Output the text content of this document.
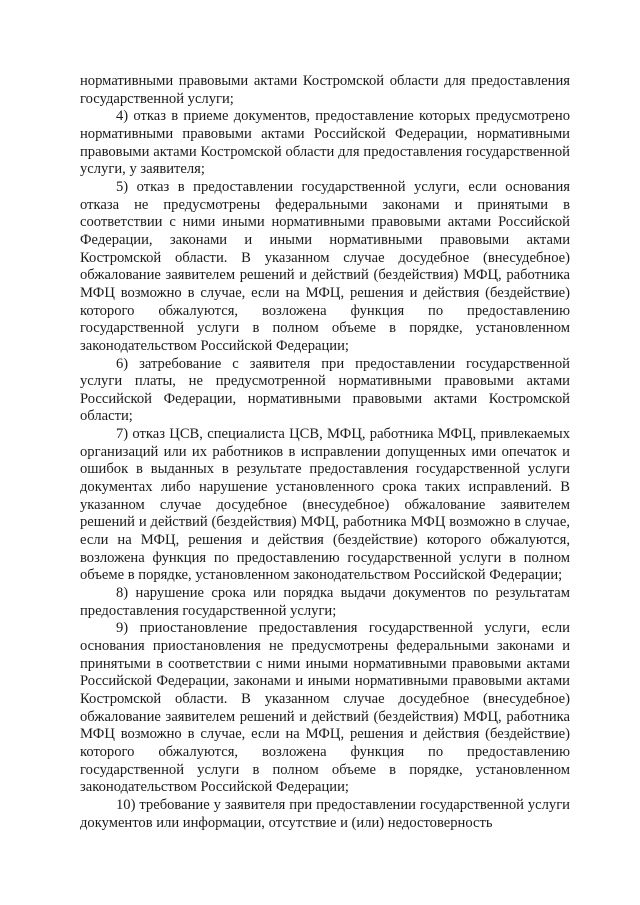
нормативными правовыми актами Костромской области для предоставления государственной услуги;

4) отказ в приеме документов, предоставление которых предусмотрено нормативными правовыми актами Российской Федерации, нормативными правовыми актами Костромской области для предоставления государственной услуги, у заявителя;

5) отказ в предоставлении государственной услуги, если основания отказа не предусмотрены федеральными законами и принятыми в соответствии с ними иными нормативными правовыми актами Российской Федерации, законами и иными нормативными правовыми актами Костромской области. В указанном случае досудебное (внесудебное) обжалование заявителем решений и действий (бездействия) МФЦ, работника МФЦ возможно в случае, если на МФЦ, решения и действия (бездействие) которого обжалуются, возложена функция по предоставлению государственной услуги в полном объеме в порядке, установленном законодательством Российской Федерации;

6) затребование с заявителя при предоставлении государственной услуги платы, не предусмотренной нормативными правовыми актами Российской Федерации, нормативными правовыми актами Костромской области;

7) отказ ЦСВ, специалиста ЦСВ, МФЦ, работника МФЦ, привлекаемых организаций или их работников в исправлении допущенных ими опечаток и ошибок в выданных в результате предоставления государственной услуги документах либо нарушение установленного срока таких исправлений. В указанном случае досудебное (внесудебное) обжалование заявителем решений и действий (бездействия) МФЦ, работника МФЦ возможно в случае, если на МФЦ, решения и действия (бездействие) которого обжалуются, возложена функция по предоставлению государственной услуги в полном объеме в порядке, установленном законодательством Российской Федерации;

8) нарушение срока или порядка выдачи документов по результатам предоставления государственной услуги;

9) приостановление предоставления государственной услуги, если основания приостановления не предусмотрены федеральными законами и принятыми в соответствии с ними иными нормативными правовыми актами Российской Федерации, законами и иными нормативными правовыми актами Костромской области. В указанном случае досудебное (внесудебное) обжалование заявителем решений и действий (бездействия) МФЦ, работника МФЦ возможно в случае, если на МФЦ, решения и действия (бездействие) которого обжалуются, возложена функция по предоставлению государственной услуги в полном объеме в порядке, установленном законодательством Российской Федерации;

10) требование у заявителя при предоставлении государственной услуги документов или информации, отсутствие и (или) недостоверность
